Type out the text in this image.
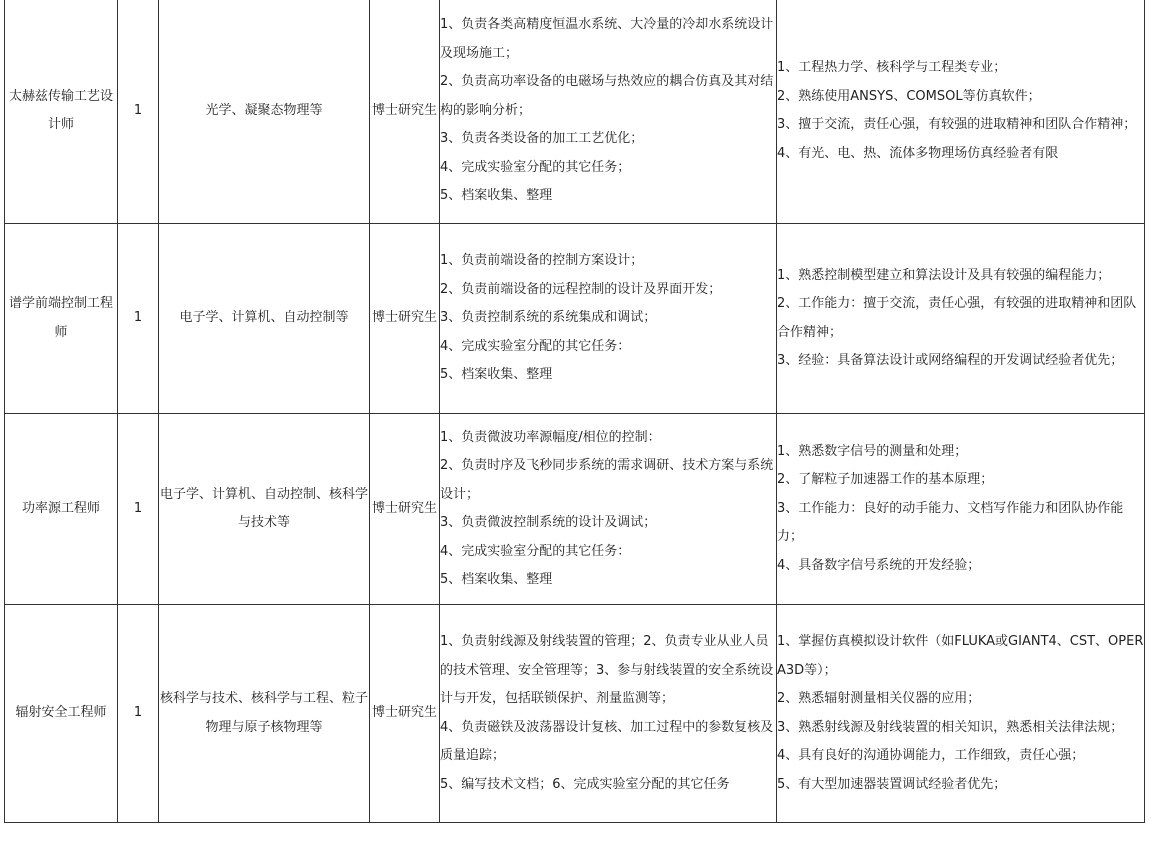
太赫兹传输工艺设计师	1	光学、凝聚态物理等	博士研究生	1、负责各类高精度恒温水系统、大冷量的冷却水系统设计及现场施工；
2、负责高功率设备的电磁场与热效应的耦合仿真及其对结构的影响分析；
3、负责各类设备的加工工艺优化；
4、完成实验室分配的其它任务；
5、档案收集、整理	1、工程热力学、核科学与工程类专业；
2、熟练使用ANSYS、COMSOL等仿真软件；
3、擅于交流，责任心强，有较强的进取精神和团队合作精神；
4、有光、电、热、流体多物理场仿真经验者有限

谱学前端控制工程师	1	电子学、计算机、自动控制等	博士研究生	1、负责前端设备的控制方案设计；
2、负责前端设备的远程控制的设计及界面开发；
3、负责控制系统的系统集成和调试；
4、完成实验室分配的其它任务：
5、档案收集、整理	1、熟悉控制模型建立和算法设计及具有较强的编程能力；
2、工作能力：擅于交流，责任心强，有较强的进取精神和团队合作精神；
3、经验：具备算法设计或网络编程的开发调试经验者优先；

功率源工程师	1	电子学、计算机、自动控制、核科学与技术等	博士研究生	1、负责微波功率源幅度/相位的控制：
2、负责时序及飞秒同步系统的需求调研、技术方案与系统设计；
3、负责微波控制系统的设计及调试；
4、完成实验室分配的其它任务：
5、档案收集、整理	1、熟悉数字信号的测量和处理；
2、了解粒子加速器工作的基本原理；
3、工作能力：良好的动手能力、文档写作能力和团队协作能力；
4、具备数字信号系统的开发经验；

辐射安全工程师	1	核科学与技术、核科学与工程、粒子物理与原子核物理等	博士研究生	1、负责射线源及射线装置的管理；2、负责专业从业人员的技术管理、安全管理等；3、参与射线装置的安全系统设计与开发，包括联锁保护、剂量监测等；
4、负责磁铁及波荡器设计复核、加工过程中的参数复核及质量追踪；
5、编写技术文档；6、完成实验室分配的其它任务	1、掌握仿真模拟设计软件（如FLUKA或GIANT4、CST、OPERA3D等）；
2、熟悉辐射测量相关仪器的应用；
3、熟悉射线源及射线装置的相关知识，熟悉相关法律法规；
4、具有良好的沟通协调能力，工作细致，责任心强；
5、有大型加速器装置调试经验者优先；
